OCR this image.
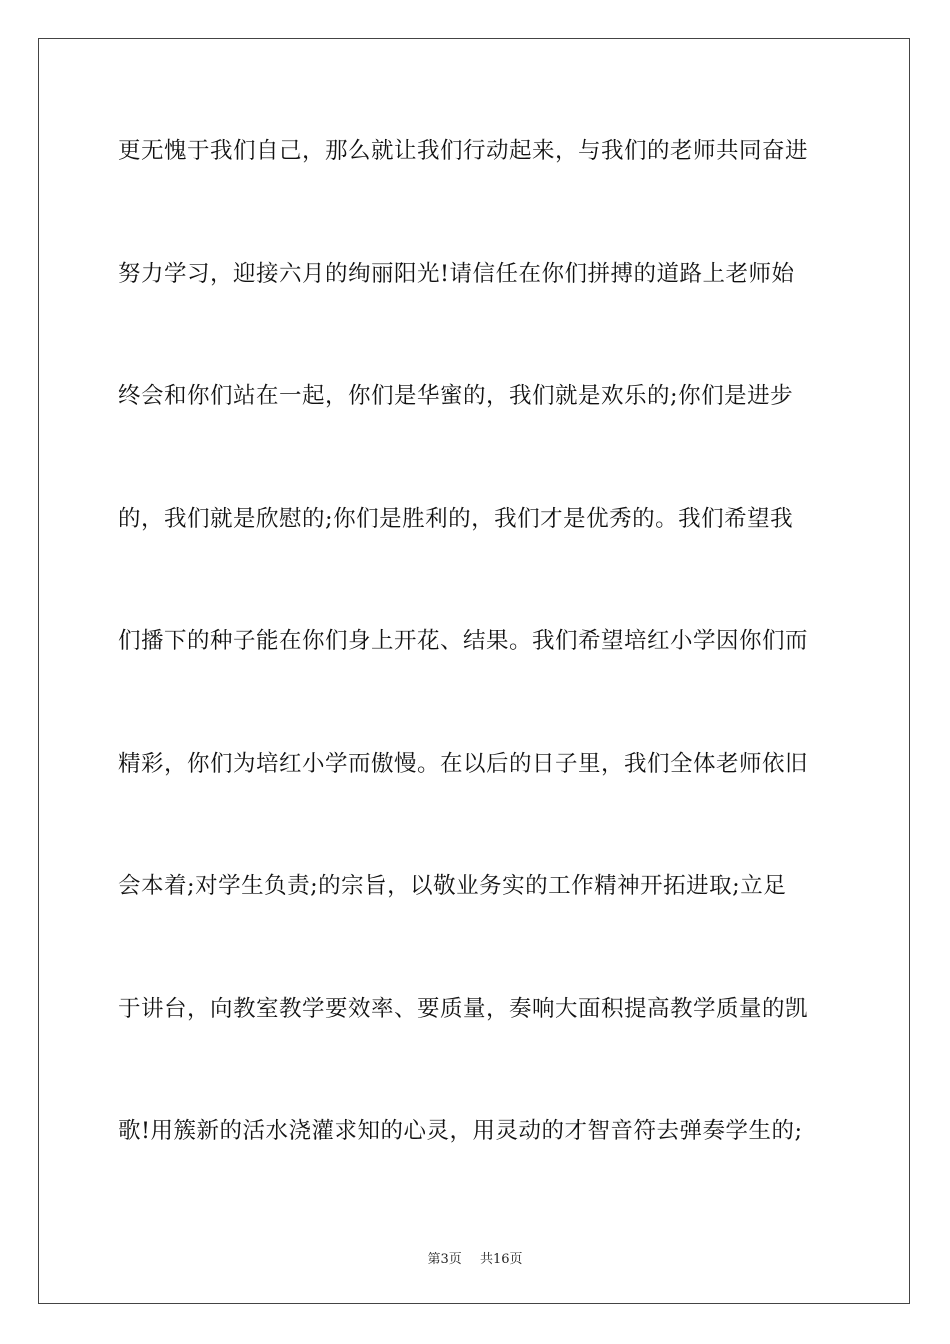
更无愧于我们自己，那么就让我们行动起来，与我们的老师共同奋进
努力学习，迎接六月的绚丽阳光!请信任在你们拼搏的道路上老师始
终会和你们站在一起，你们是华蜜的，我们就是欢乐的;你们是进步
的，我们就是欣慰的;你们是胜利的，我们才是优秀的。我们希望我
们播下的种子能在你们身上开花、结果。我们希望培红小学因你们而
精彩，你们为培红小学而傲慢。在以后的日子里，我们全体老师依旧
会本着;对学生负责;的宗旨，以敬业务实的工作精神开拓进取;立足
于讲台，向教室教学要效率、要质量，奏响大面积提高教学质量的凯
歌!用簇新的活水浇灌求知的心灵，用灵动的才智音符去弹奏学生的;
第3页 共16页
